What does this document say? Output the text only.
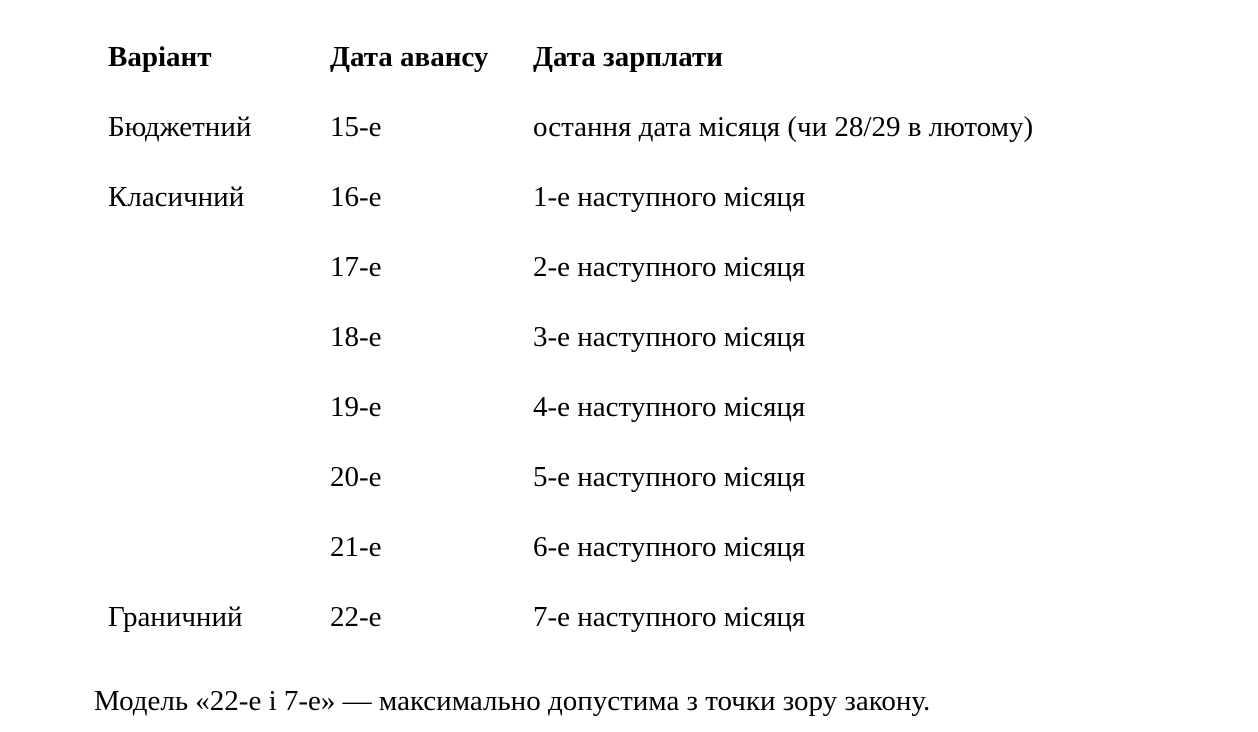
Варіант	Дата авансу	Дата зарплати
Бюджетний	15-е	остання дата місяця (чи 28/29 в лютому)
Класичний	16-е	1-е наступного місяця
	17-е	2-е наступного місяця
	18-е	3-е наступного місяця
	19-е	4-е наступного місяця
	20-е	5-е наступного місяця
	21-е	6-е наступного місяця
Граничний	22-е	7-е наступного місяця

Модель «22-е і 7-е» — максимально допустима з точки зору закону.
